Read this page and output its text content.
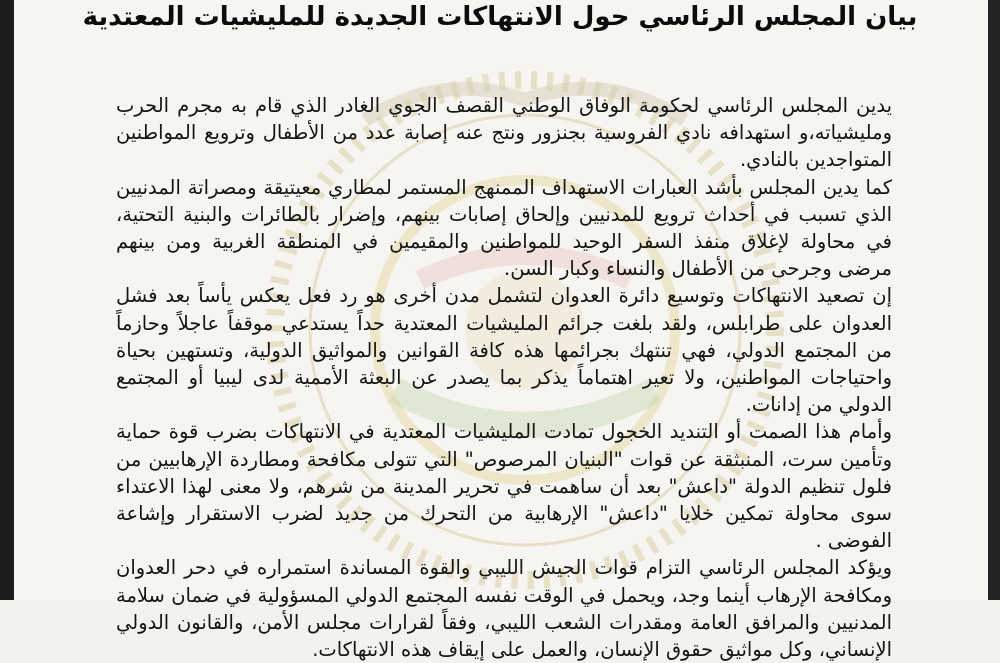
بيان المجلس الرئاسي حول الانتهاكات الجديدة للمليشيات المعتدية

يدين المجلس الرئاسي لحكومة الوفاق الوطني القصف الجوي الغادر الذي قام به مجرم الحرب ومليشياته،و استهدافه نادي الفروسية بجنزور ونتج عنه إصابة عدد من الأطفال وترويع المواطنين المتواجدين بالنادي.

كما يدين المجلس بأشد العبارات الاستهداف الممنهج المستمر لمطاري معيتيقة ومصراتة المدنيين الذي تسبب في أحداث ترويع للمدنيين وإلحاق إصابات بينهم، وإضرار بالطائرات والبنية التحتية، في محاولة لإغلاق منفذ السفر الوحيد للمواطنين والمقيمين في المنطقة الغربية ومن بينهم مرضى وجرحى من الأطفال والنساء وكبار السن.

إن تصعيد الانتهاكات وتوسيع دائرة العدوان لتشمل مدن أخرى هو رد فعل يعكس يأساً بعد فشل العدوان على طرابلس، ولقد بلغت جرائم المليشيات المعتدية حداً يستدعي موقفاً عاجلاً وحازماً من المجتمع الدولي، فهي تنتهك بجرائمها هذه كافة القوانين والمواثيق الدولية، وتستهين بحياة واحتياجات المواطنين، ولا تعير اهتماماً يذكر بما يصدر عن البعثة الأممية لدى ليبيا أو المجتمع الدولي من إدانات.

وأمام هذا الصمت أو التنديد الخجول تمادت المليشيات المعتدية في الانتهاكات بضرب قوة حماية وتأمين سرت، المنبثقة عن قوات "البنيان المرصوص" التي تتولى مكافحة ومطاردة الإرهابيين من فلول تنظيم الدولة "داعش" بعد أن ساهمت في تحرير المدينة من شرهم، ولا معنى لهذا الاعتداء سوى محاولة تمكين خلايا "داعش" الإرهابية من التحرك من جديد لضرب الاستقرار وإشاعة الفوضى .

ويؤكد المجلس الرئاسي التزام قوات الجيش الليبي والقوة المساندة استمراره في دحر العدوان ومكافحة الإرهاب أينما وجد، ويحمل في الوقت نفسه المجتمع الدولي المسؤولية في ضمان سلامة المدنيين والمرافق العامة ومقدرات الشعب الليبي، وفقاً لقرارات مجلس الأمن، والقانون الدولي الإنساني، وكل مواثيق حقوق الإنسان، والعمل على إيقاف هذه الانتهاكات.
